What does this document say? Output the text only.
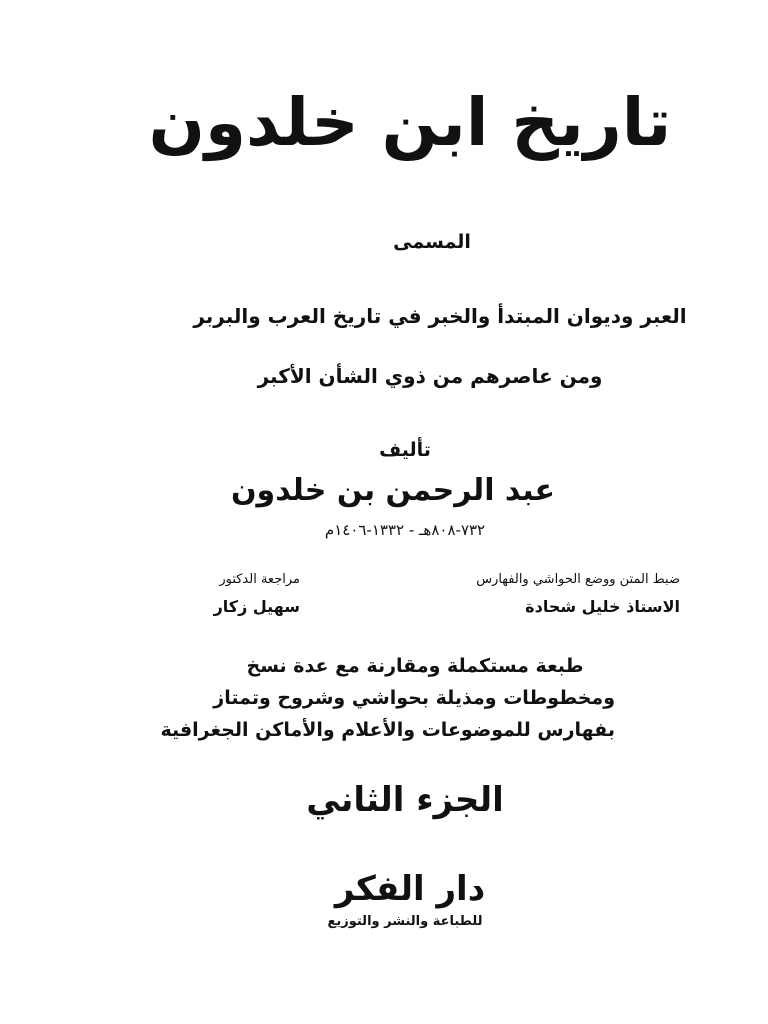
تاريخ ابن خلدون
المسمى
العبر وديوان المبتدأ والخبر في تاريخ العرب والبربر
ومن عاصرهم من ذوي الشأن الأكبر
تأليف
عبد الرحمن بن خلدون
٧٣٢-٨٠٨هـ - ١٣٣٢-١٤٠٦م
ضبط المتن ووضع الحواشي والفهارس
الاستاذ خليل شحادة
مراجعة الدكتور
سهيل زكار
طبعة مستكملة ومقارنة مع عدة نسخ
ومخطوطات ومذيلة بحواشي وشروح وتمتاز
بفهارس للموضوعات والأعلام والأماكن الجغرافية
الجزء الثاني
دار الفكر
للطباعة والنشر والتوزيع
